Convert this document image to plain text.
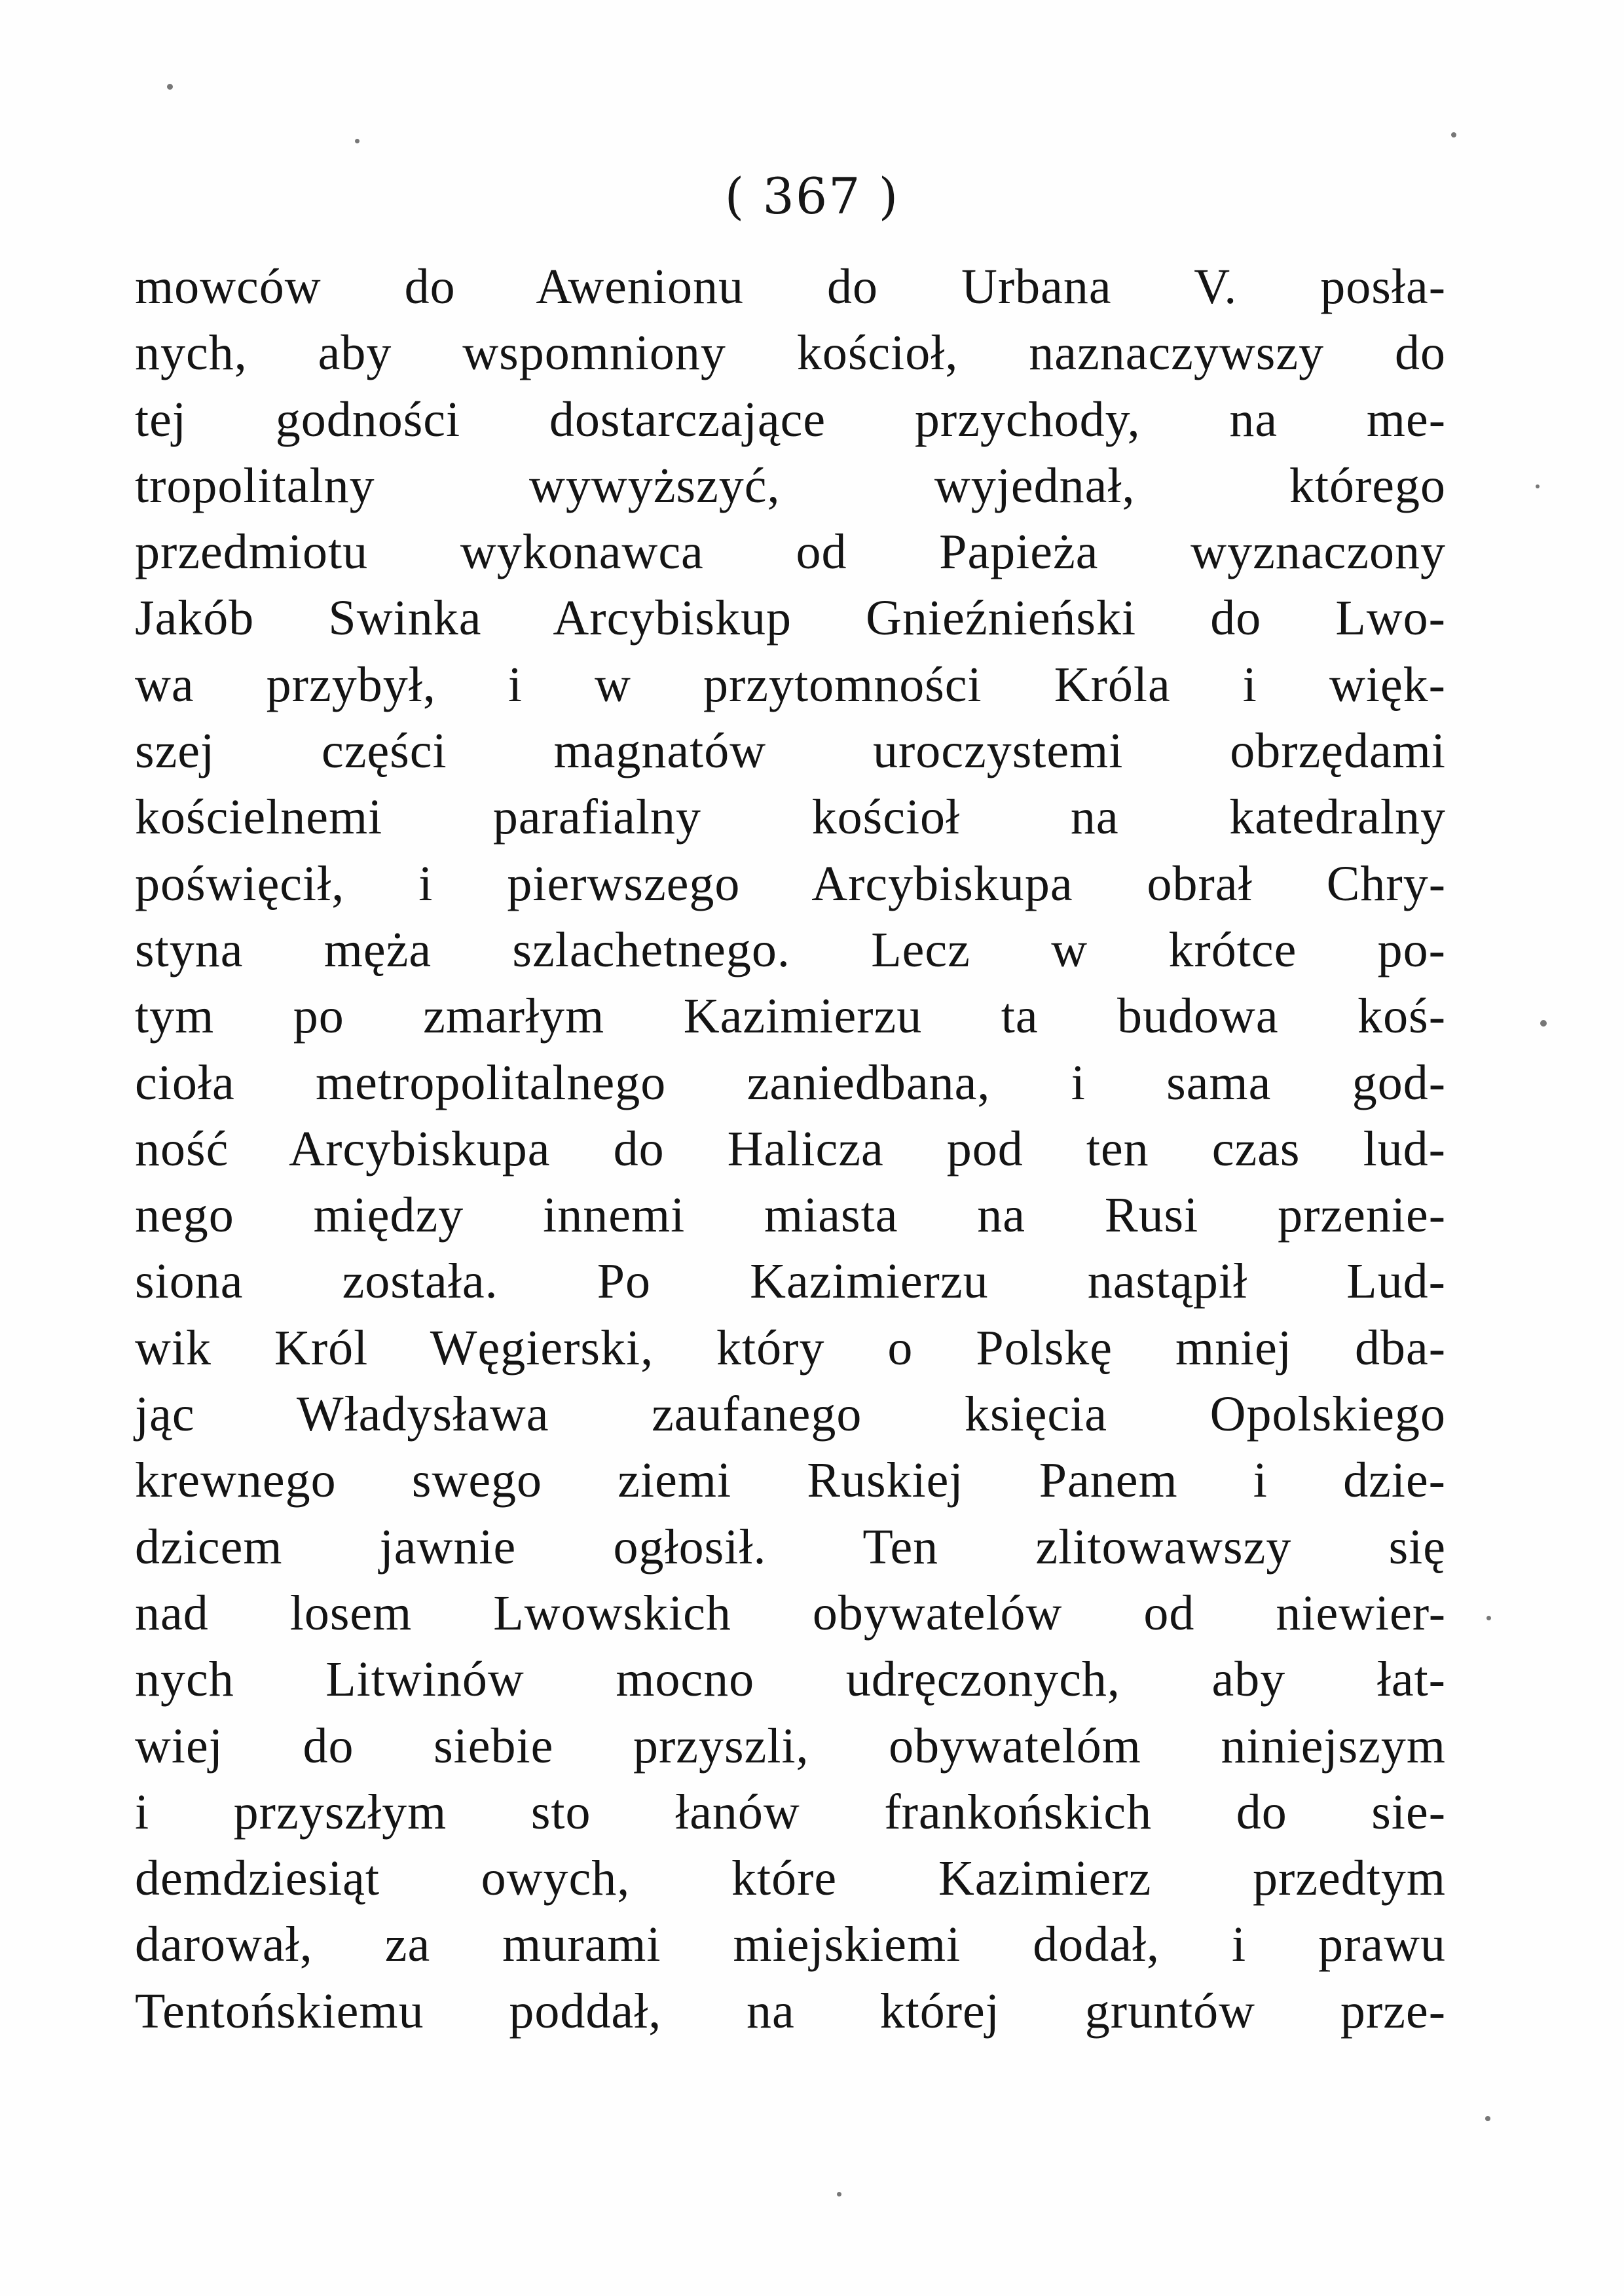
( 367 )
mowców do Awenionu do Urbana V. posła-
nych, aby wspomniony kościoł, naznaczywszy do
tej godności dostarczające przychody, na me-
tropolitalny wywyższyć, wyjednał, którego
przedmiotu wykonawca od Papieża wyznaczony
Jakób Swinka Arcybiskup Gnieźnieński do Lwo-
wa przybył, i w przytomności Króla i więk-
szej części magnatów uroczystemi obrzędami
kościelnemi parafialny kościoł na katedralny
poświęcił, i pierwszego Arcybiskupa obrał Chry-
styna męża szlachetnego. Lecz w krótce po-
tym po zmarłym Kazimierzu ta budowa koś-
cioła metropolitalnego zaniedbana, i sama god-
ność Arcybiskupa do Halicza pod ten czas lud-
nego między innemi miasta na Rusi przenie-
siona została. Po Kazimierzu nastąpił Lud-
wik Król Węgierski, który o Polskę mniej dba-
jąc Władysława zaufanego księcia Opolskiego
krewnego swego ziemi Ruskiej Panem i dzie-
dzicem jawnie ogłosił. Ten zlitowawszy się
nad losem Lwowskich obywatelów od niewier-
nych Litwinów mocno udręczonych, aby łat-
wiej do siebie przyszli, obywatelóm niniejszym
i przyszłym sto łanów frankońskich do sie-
demdziesiąt owych, które Kazimierz przedtym
darował, za murami miejskiemi dodał, i prawu
Tentońskiemu poddał, na której gruntów prze-
